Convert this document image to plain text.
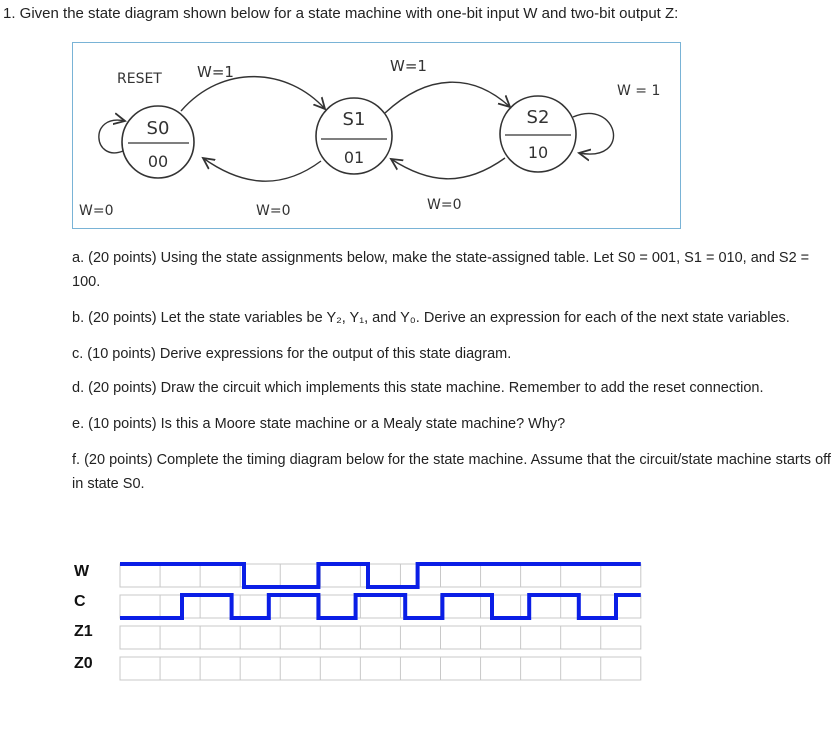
1. Given the state diagram shown below for a state machine with one-bit input W and two-bit output Z:
RESET
S0
00
S1
01
S2
10
W=1	W=1
W = 1
W=0	W=0	W=0
a. (20 points) Using the state assignments below, make the state-assigned table. Let S0 = 001, S1 = 010, and S2 = 100.
b. (20 points) Let the state variables be Y₂, Y₁, and Y₀. Derive an expression for each of the next state variables.
c. (10 points) Derive expressions for the output of this state diagram.
d. (20 points) Draw the circuit which implements this state machine. Remember to add the reset connection.
e. (10 points) Is this a Moore state machine or a Mealy state machine? Why?
f. (20 points) Complete the timing diagram below for the state machine. Assume that the circuit/state machine starts off in state S0.
W
C
Z1
Z0
